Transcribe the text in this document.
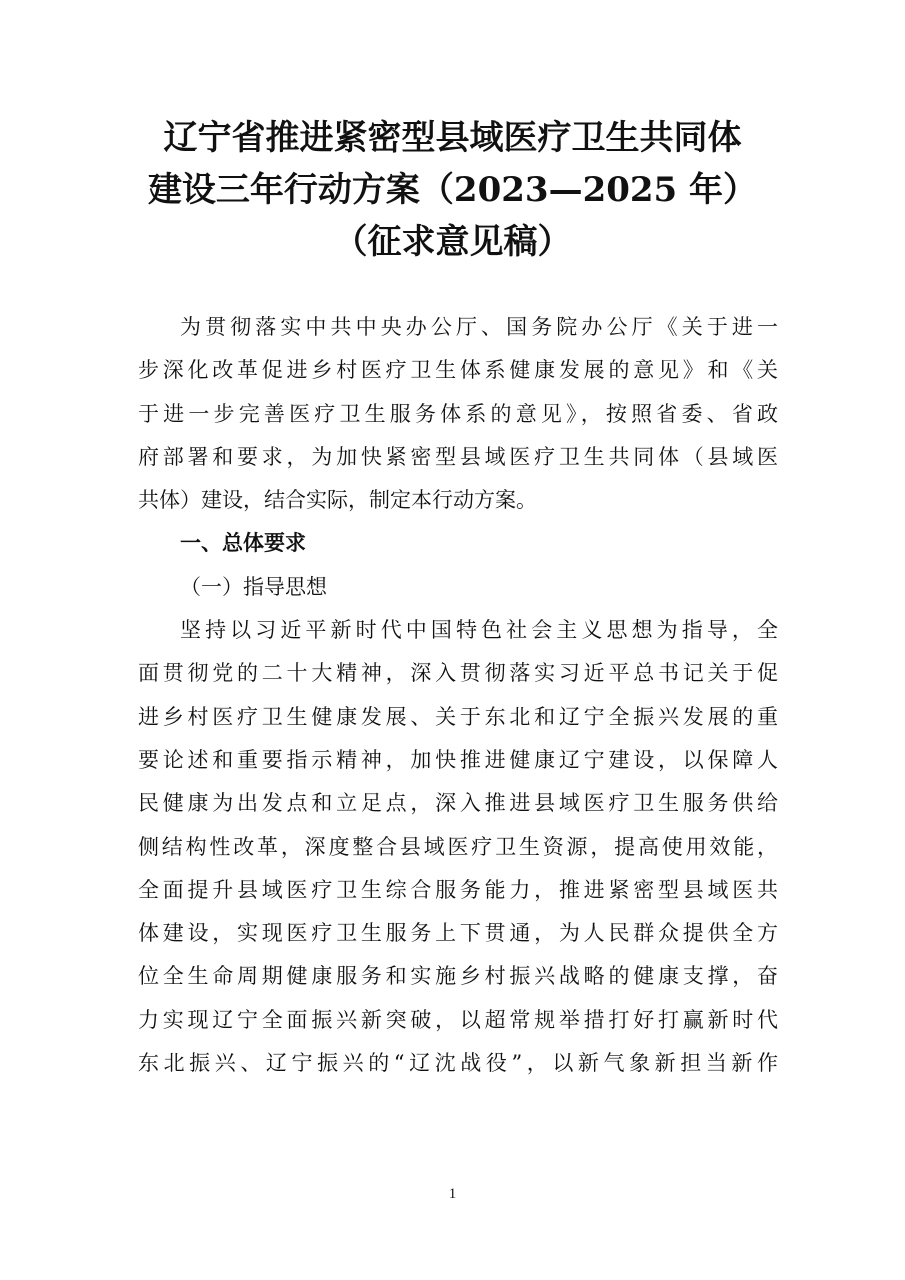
辽宁省推进紧密型县域医疗卫生共同体
建设三年行动方案（2023—2025 年）
（征求意见稿）
为贯彻落实中共中央办公厅、国务院办公厅《关于进一
步深化改革促进乡村医疗卫生体系健康发展的意见》和《关
于进一步完善医疗卫生服务体系的意见》，按照省委、省政
府部署和要求，为加快紧密型县域医疗卫生共同体（县域医
共体）建设，结合实际，制定本行动方案。
一、总体要求
（一）指导思想
坚持以习近平新时代中国特色社会主义思想为指导，全
面贯彻党的二十大精神，深入贯彻落实习近平总书记关于促
进乡村医疗卫生健康发展、关于东北和辽宁全振兴发展的重
要论述和重要指示精神，加快推进健康辽宁建设，以保障人
民健康为出发点和立足点，深入推进县域医疗卫生服务供给
侧结构性改革，深度整合县域医疗卫生资源，提高使用效能，
全面提升县域医疗卫生综合服务能力，推进紧密型县域医共
体建设，实现医疗卫生服务上下贯通，为人民群众提供全方
位全生命周期健康服务和实施乡村振兴战略的健康支撑，奋
力实现辽宁全面振兴新突破，以超常规举措打好打赢新时代
东北振兴、辽宁振兴的“辽沈战役”，以新气象新担当新作
1
